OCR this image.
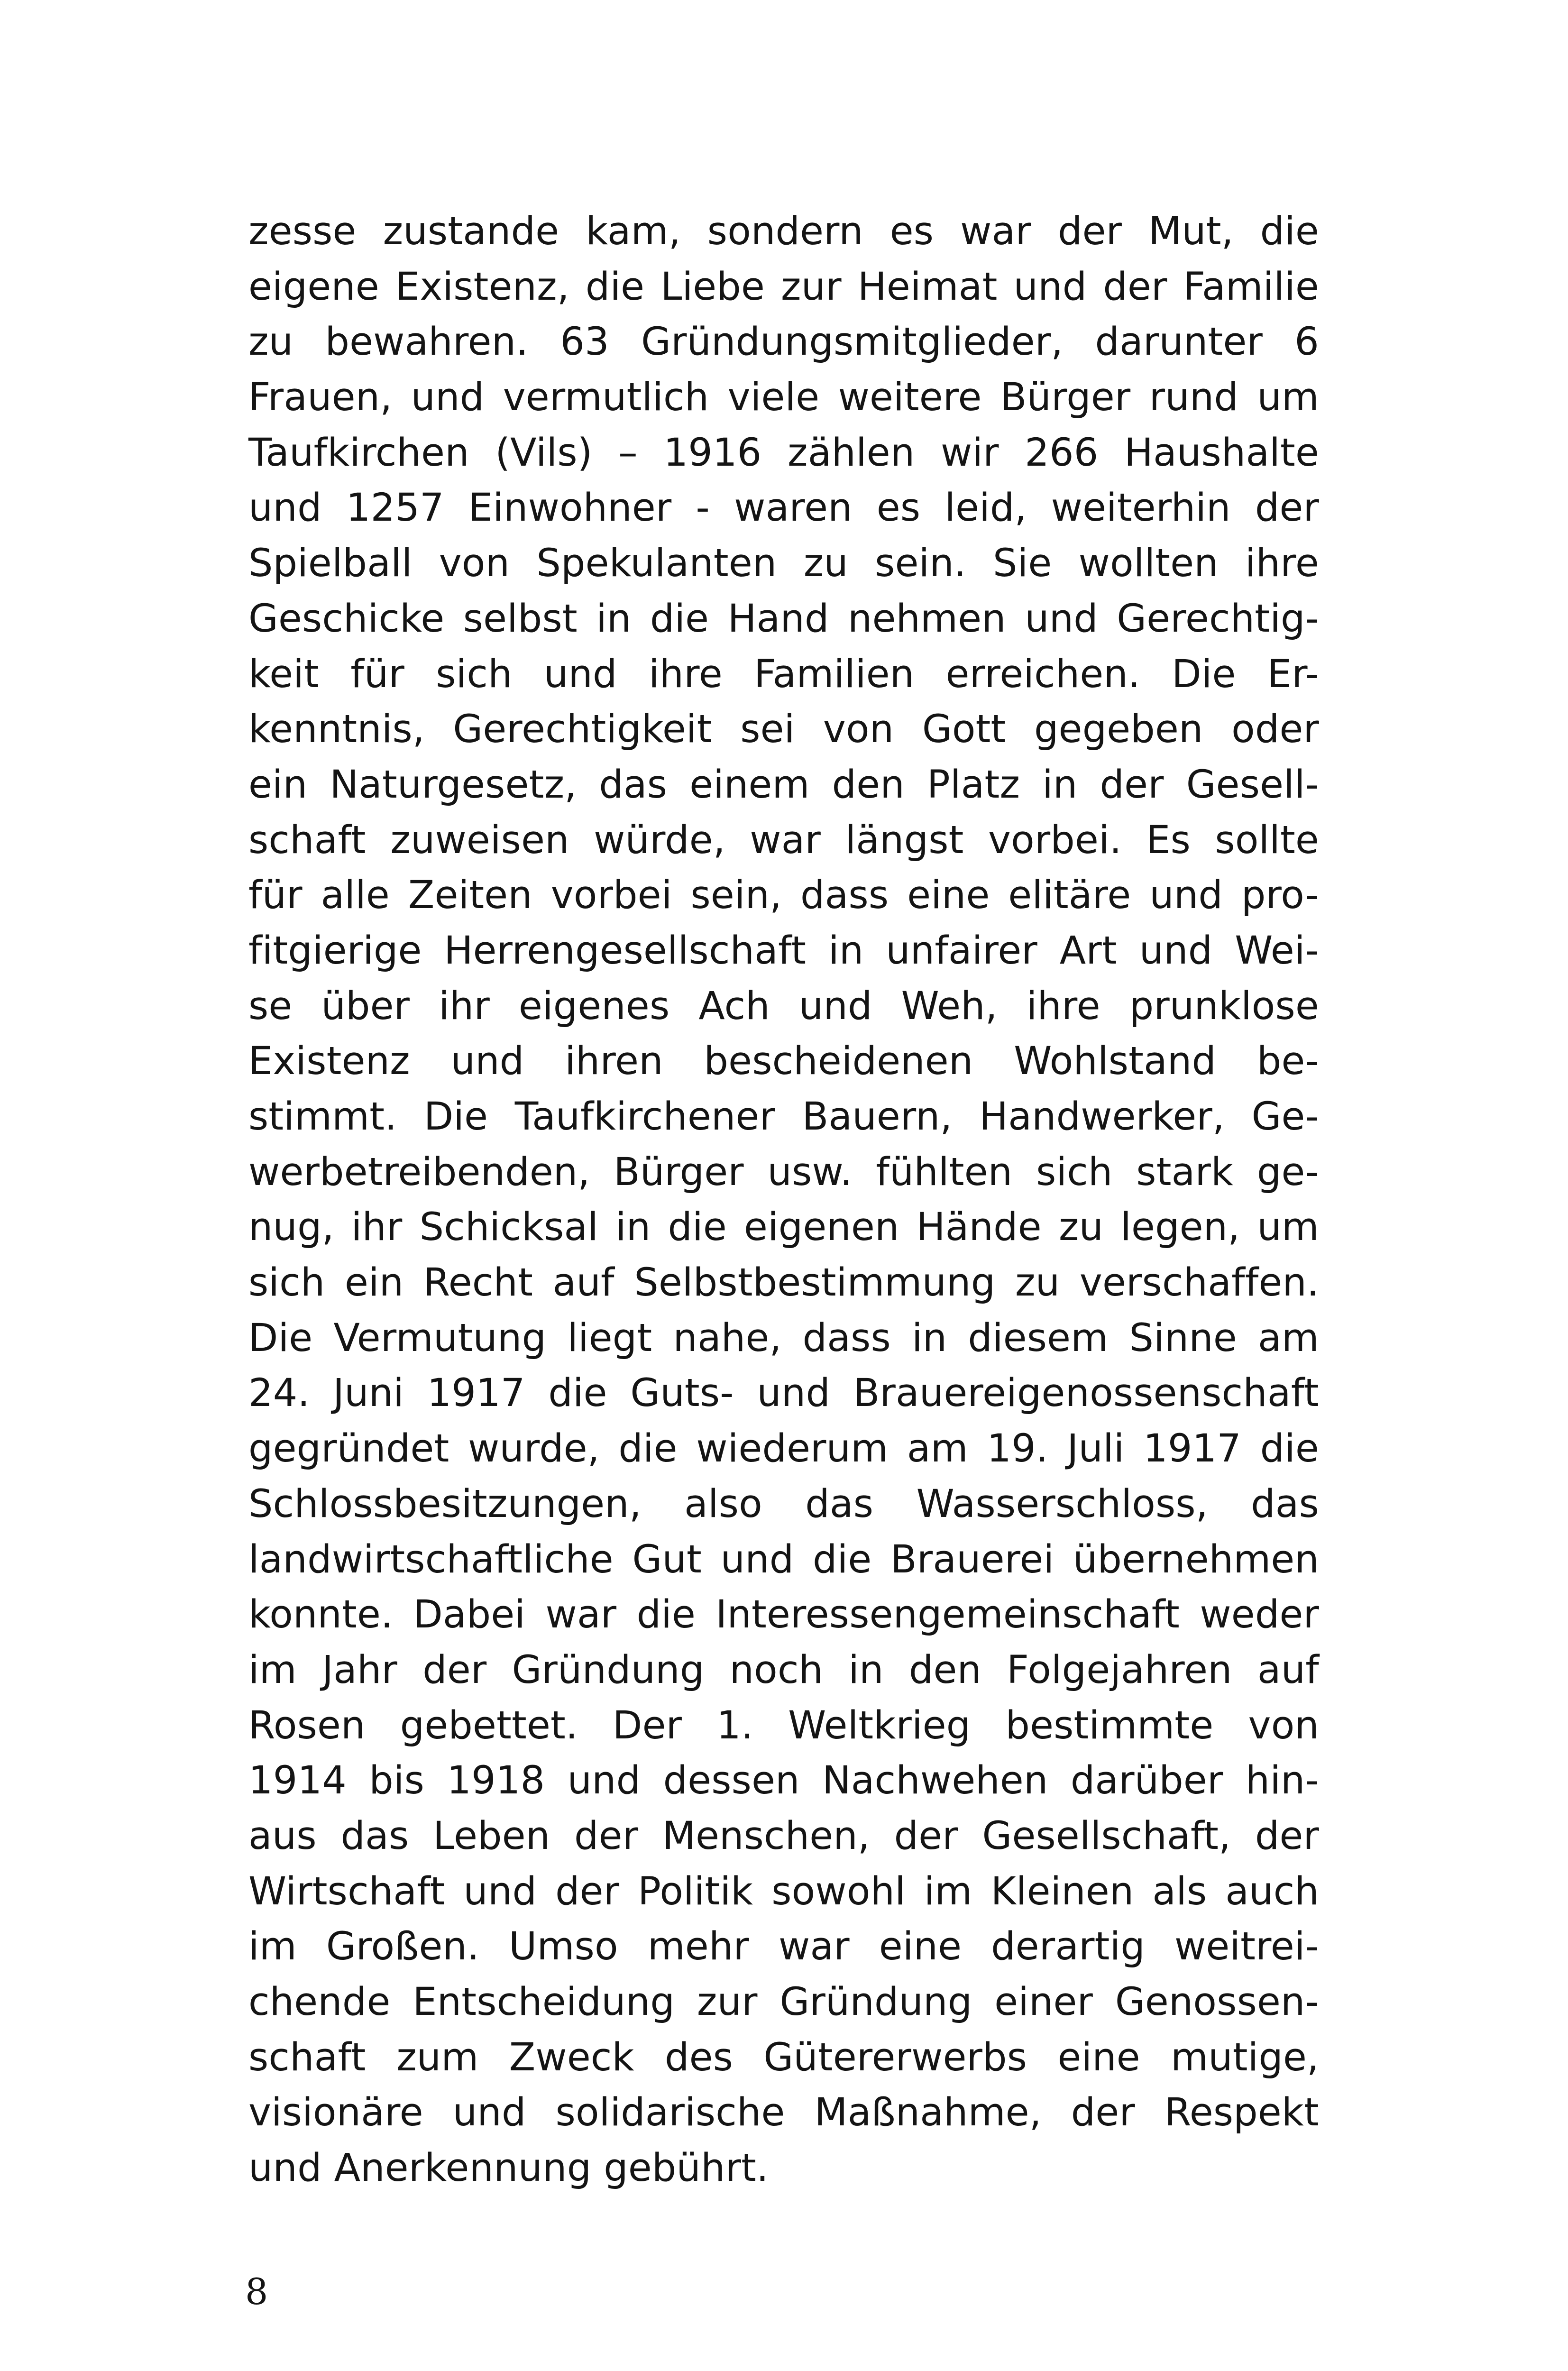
zesse zustande kam, sondern es war der Mut, die
eigene Existenz, die Liebe zur Heimat und der Familie
zu bewahren. 63 Gründungsmitglieder, darunter 6
Frauen, und vermutlich viele weitere Bürger rund um
Taufkirchen (Vils) – 1916 zählen wir 266 Haushalte
und 1257 Einwohner - waren es leid, weiterhin der
Spielball von Spekulanten zu sein. Sie wollten ihre
Geschicke selbst in die Hand nehmen und Gerechtig-
keit für sich und ihre Familien erreichen. Die Er-
kenntnis, Gerechtigkeit sei von Gott gegeben oder
ein Naturgesetz, das einem den Platz in der Gesell-
schaft zuweisen würde, war längst vorbei. Es sollte
für alle Zeiten vorbei sein, dass eine elitäre und pro-
fitgierige Herrengesellschaft in unfairer Art und Wei-
se über ihr eigenes Ach und Weh, ihre prunklose
Existenz und ihren bescheidenen Wohlstand be-
stimmt. Die Taufkirchener Bauern, Handwerker, Ge-
werbetreibenden, Bürger usw. fühlten sich stark ge-
nug, ihr Schicksal in die eigenen Hände zu legen, um
sich ein Recht auf Selbstbestimmung zu verschaffen.
Die Vermutung liegt nahe, dass in diesem Sinne am
24. Juni 1917 die Guts- und Brauereigenossenschaft
gegründet wurde, die wiederum am 19. Juli 1917 die
Schlossbesitzungen, also das Wasserschloss, das
landwirtschaftliche Gut und die Brauerei übernehmen
konnte. Dabei war die Interessengemeinschaft weder
im Jahr der Gründung noch in den Folgejahren auf
Rosen gebettet. Der 1. Weltkrieg bestimmte von
1914 bis 1918 und dessen Nachwehen darüber hin-
aus das Leben der Menschen, der Gesellschaft, der
Wirtschaft und der Politik sowohl im Kleinen als auch
im Großen. Umso mehr war eine derartig weitrei-
chende Entscheidung zur Gründung einer Genossen-
schaft zum Zweck des Gütererwerbs eine mutige,
visionäre und solidarische Maßnahme, der Respekt
und Anerkennung gebührt.
8
